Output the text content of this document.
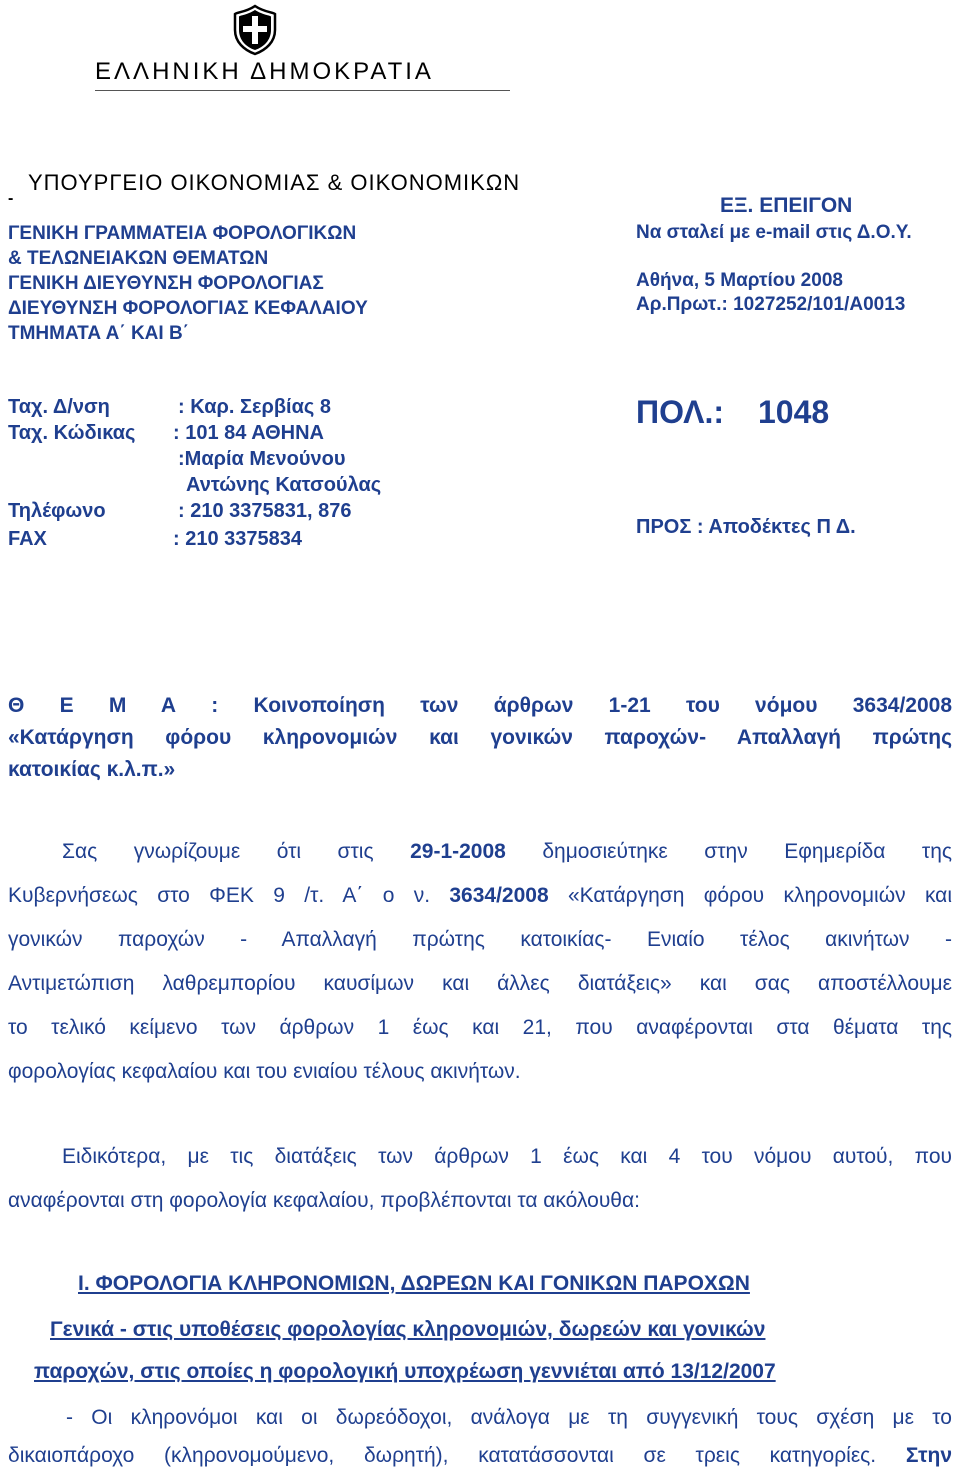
ΕΛΛΗΝΙΚΗ ΔΗΜΟΚΡΑΤΙΑ
ΥΠΟΥΡΓΕΙΟ ΟΙΚΟΝΟΜΙΑΣ & ΟΙΚΟΝΟΜΙΚΩΝ
-
ΓΕΝΙΚΗ ΓΡΑΜΜΑΤΕΙΑ ΦΟΡΟΛΟΓΙΚΩΝ
& ΤΕΛΩΝΕΙΑΚΩΝ ΘΕΜΑΤΩΝ
ΓΕΝΙΚΗ ΔΙΕΥΘΥΝΣΗ ΦΟΡΟΛΟΓΙΑΣ
ΔΙΕΥΘΥΝΣΗ ΦΟΡΟΛΟΓΙΑΣ ΚΕΦΑΛΑΙΟΥ
ΤΜΗΜΑΤΑ Α΄ ΚΑΙ Β΄
ΕΞ. ΕΠΕΙΓΟΝ
Να σταλεί με e-mail στις Δ.Ο.Υ.
Αθήνα, 5 Μαρτίου 2008
Αρ.Πρωτ.: 1027252/101/Α0013
Ταχ. Δ/νση	: Καρ. Σερβίας 8
Ταχ. Κώδικας : 101 84 ΑΘΗΝΑ
:Μαρία Μενούνου
Αντώνης Κατσούλας
Τηλέφωνο	: 210 3375831, 876
FAX	: 210 3375834
ΠΟΛ.: 1048
ΠΡΟΣ : Αποδέκτες Π Δ.
Θ Ε Μ Α : Κοινοποίηση των άρθρων 1-21 του νόμου 3634/2008
«Κατάργηση φόρου κληρονομιών και γονικών παροχών- Απαλλαγή πρώτης
κατοικίας κ.λ.π.»
Σας γνωρίζουμε ότι στις 29-1-2008 δημοσιεύτηκε στην Εφημερίδα της
Κυβερνήσεως στο ΦΕΚ 9 /τ. Α΄ ο ν. 3634/2008 «Κατάργηση φόρου κληρονομιών και
γονικών παροχών - Απαλλαγή πρώτης κατοικίας- Ενιαίο τέλος ακινήτων -
Αντιμετώπιση λαθρεμπορίου καυσίμων και άλλες διατάξεις» και σας αποστέλλουμε
το τελικό κείμενο των άρθρων 1 έως και 21, που αναφέρονται στα θέματα της
φορολογίας κεφαλαίου και του ενιαίου τέλους ακινήτων.
Ειδικότερα, με τις διατάξεις των άρθρων 1 έως και 4 του νόμου αυτού, που
αναφέρονται στη φορολογία κεφαλαίου, προβλέπονται τα ακόλουθα:
Ι. ΦΟΡΟΛΟΓΙΑ ΚΛΗΡΟΝΟΜΙΩΝ, ΔΩΡΕΩΝ ΚΑΙ ΓΟΝΙΚΩΝ ΠΑΡΟΧΩΝ
Γενικά - στις υποθέσεις φορολογίας κληρονομιών, δωρεών και γονικών
παροχών, στις οποίες η φορολογική υποχρέωση γεννιέται από 13/12/2007
- Οι κληρονόμοι και οι δωρεόδοχοι, ανάλογα με τη συγγενική τους σχέση με το
δικαιοπάροχο (κληρονομούμενο, δωρητή), κατατάσσονται σε τρεις κατηγορίες. Στην
